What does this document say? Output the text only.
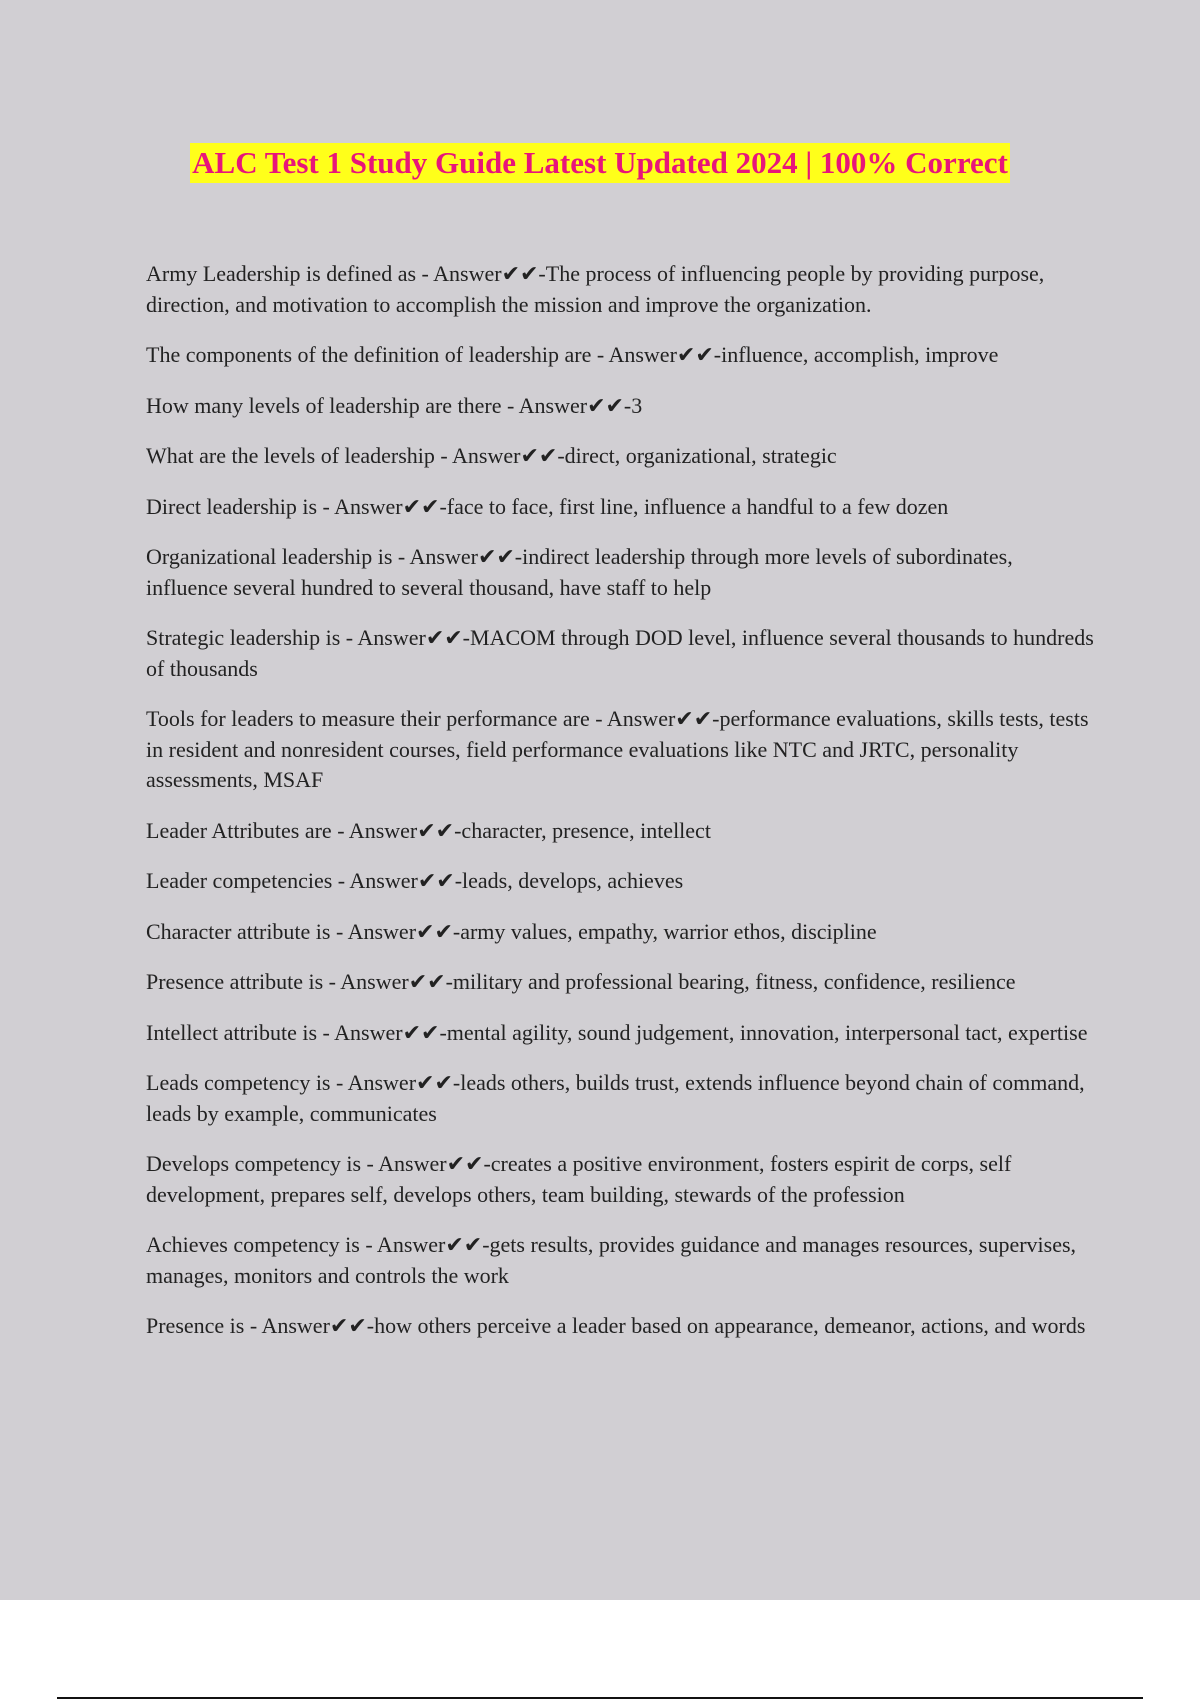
ALC Test 1 Study Guide Latest Updated 2024 | 100% Correct

Army Leadership is defined as - Answer✔✔-The process of influencing people by providing purpose, direction, and motivation to accomplish the mission and improve the organization.

The components of the definition of leadership are - Answer✔✔-influence, accomplish, improve

How many levels of leadership are there - Answer✔✔-3

What are the levels of leadership - Answer✔✔-direct, organizational, strategic

Direct leadership is - Answer✔✔-face to face, first line, influence a handful to a few dozen

Organizational leadership is - Answer✔✔-indirect leadership through more levels of subordinates, influence several hundred to several thousand, have staff to help

Strategic leadership is - Answer✔✔-MACOM through DOD level, influence several thousands to hundreds of thousands

Tools for leaders to measure their performance are - Answer✔✔-performance evaluations, skills tests, tests in resident and nonresident courses, field performance evaluations like NTC and JRTC, personality assessments, MSAF

Leader Attributes are - Answer✔✔-character, presence, intellect

Leader competencies - Answer✔✔-leads, develops, achieves

Character attribute is - Answer✔✔-army values, empathy, warrior ethos, discipline

Presence attribute is - Answer✔✔-military and professional bearing, fitness, confidence, resilience

Intellect attribute is - Answer✔✔-mental agility, sound judgement, innovation, interpersonal tact, expertise

Leads competency is - Answer✔✔-leads others, builds trust, extends influence beyond chain of command, leads by example, communicates

Develops competency is - Answer✔✔-creates a positive environment, fosters espirit de corps, self development, prepares self, develops others, team building, stewards of the profession

Achieves competency is - Answer✔✔-gets results, provides guidance and manages resources, supervises, manages, monitors and controls the work

Presence is - Answer✔✔-how others perceive a leader based on appearance, demeanor, actions, and words
